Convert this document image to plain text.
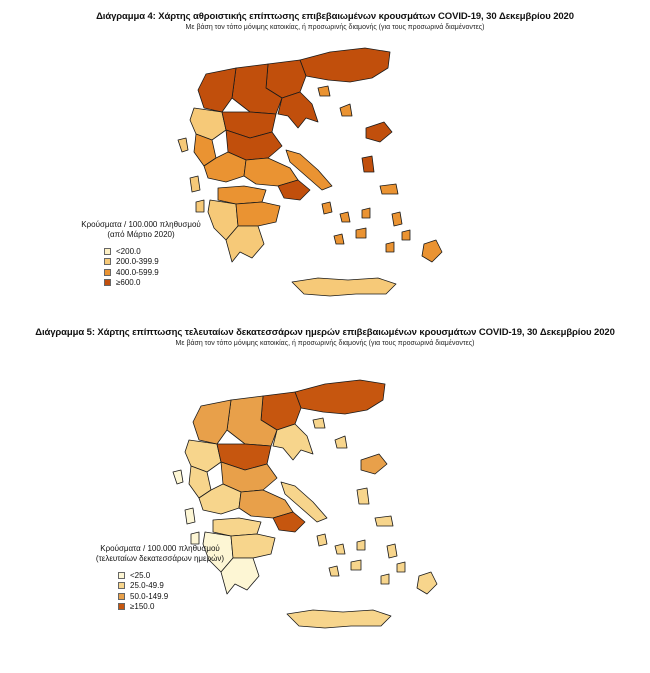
Διάγραμμα 4: Χάρτης αθροιστικής επίπτωσης επιβεβαιωμένων κρουσμάτων COVID-19, 30 Δεκεμβρίου 2020
Με βάση τον τόπο μόνιμης κατοικίας, ή προσωρινής διαμονής (για τους προσωρινά διαμένοντες)
Κρούσματα / 100.000 πληθυσμού
(από Μάρτιο 2020)
<200.0
200.0-399.9
400.0-599.9
≥600.0
Διάγραμμα 5: Χάρτης επίπτωσης τελευταίων δεκατεσσάρων ημερών επιβεβαιωμένων κρουσμάτων COVID-19, 30 Δεκεμβρίου 2020
Με βάση τον τόπο μόνιμης κατοικίας, ή προσωρινής διαμονής (για τους προσωρινά διαμένοντες)
Κρούσματα / 100.000 πληθυσμού
(τελευταίων δεκατεσσάρων ημερών)
<25.0
25.0-49.9
50.0-149.9
≥150.0
